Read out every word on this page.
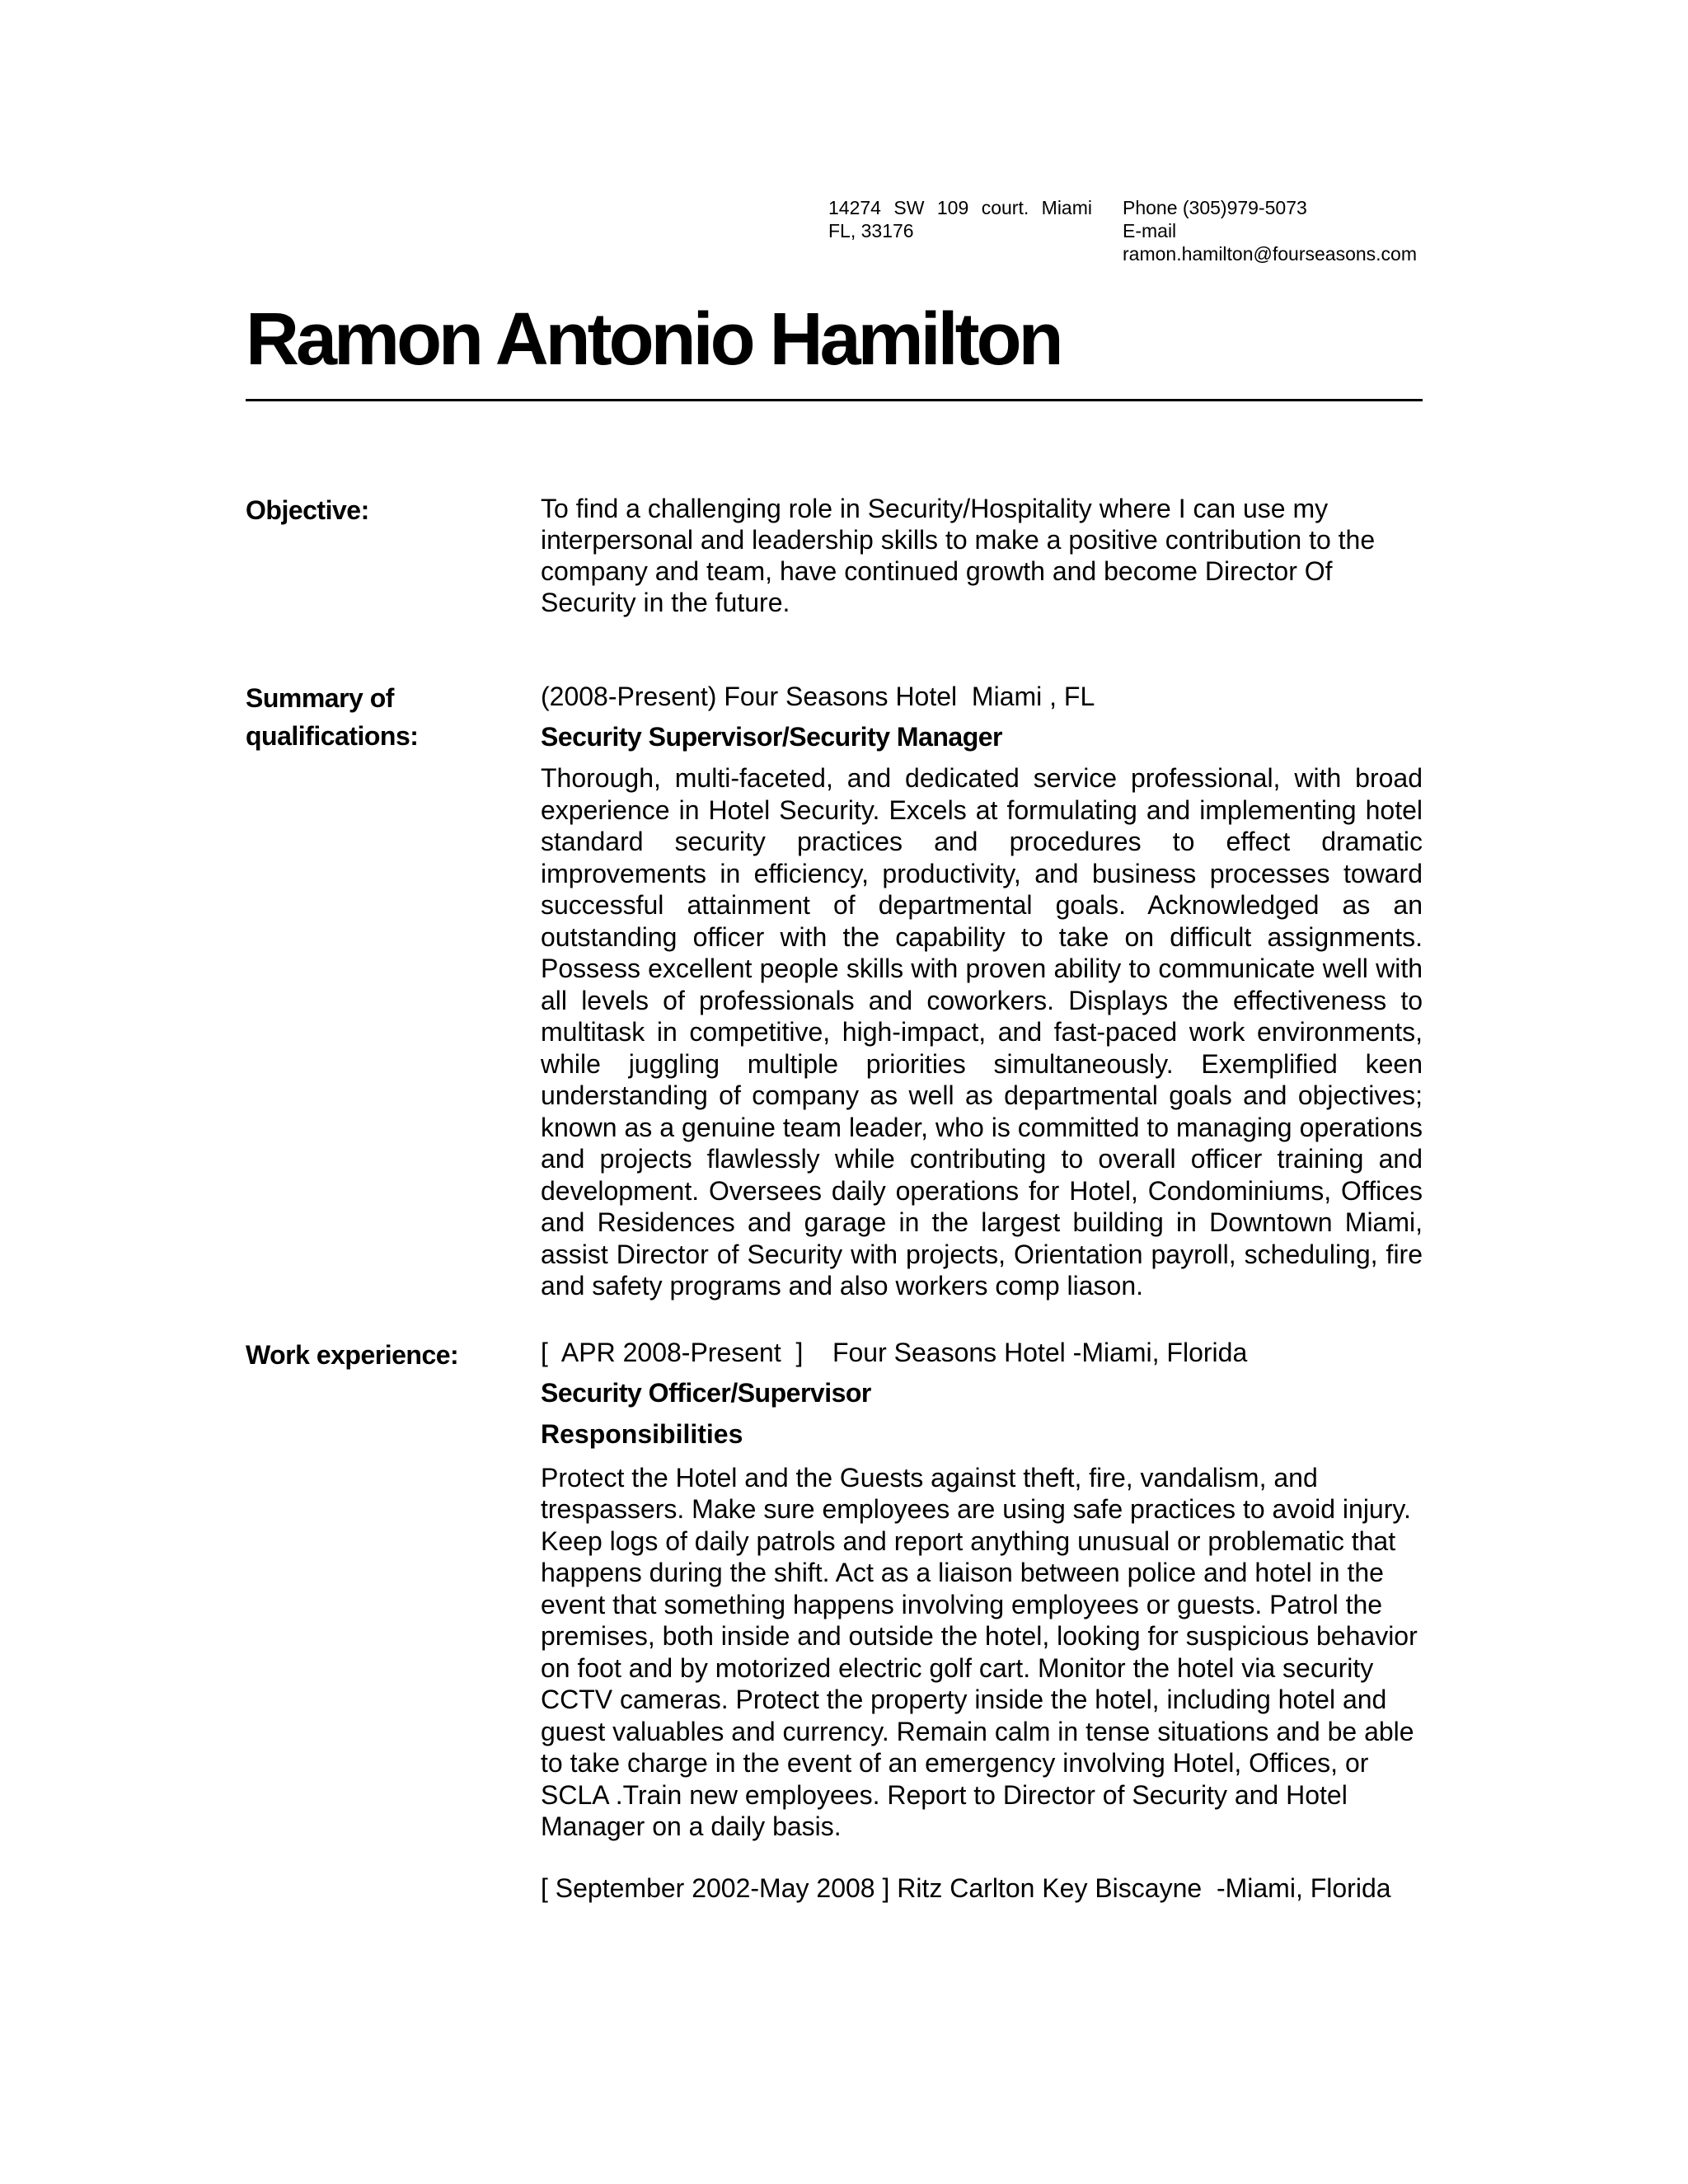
14274 SW 109 court. Miami FL, 33176
Phone (305)979-5073
E-mail
ramon.hamilton@fourseasons.com
Ramon Antonio Hamilton
Objective:	To find a challenging role in Security/Hospitality where I can use my interpersonal and leadership skills to make a positive contribution to the company and team, have continued growth and become Director Of Security in the future.

Summary of
qualifications:

(2008-Present) Four Seasons Hotel  Miami , FL

Security Supervisor/Security Manager

Thorough, multi-faceted, and dedicated service professional, with broad experience in Hotel Security. Excels at formulating and implementing hotel standard security practices and procedures to effect dramatic improvements in efficiency, productivity, and business processes toward successful attainment of departmental goals. Acknowledged as an outstanding officer with the capability to take on difficult assignments. Possess excellent people skills with proven ability to communicate well with all levels of professionals and coworkers. Displays the effectiveness to multitask in competitive, high-impact, and fast-paced work environments, while juggling multiple priorities simultaneously. Exemplified keen understanding of company as well as departmental goals and objectives; known as a genuine team leader, who is committed to managing operations and projects flawlessly while contributing to overall officer training and development. Oversees daily operations for Hotel, Condominiums, Offices and Residences and garage in the largest building in Downtown Miami, assist Director of Security with projects, Orientation payroll, scheduling, fire and safety programs and also workers comp liason.

Work experience:	[  APR 2008-Present  ]    Four Seasons Hotel -Miami, Florida

Security Officer/Supervisor

Responsibilities

Protect the Hotel and the Guests against theft, fire, vandalism, and trespassers. Make sure employees are using safe practices to avoid injury. Keep logs of daily patrols and report anything unusual or problematic that happens during the shift. Act as a liaison between police and hotel in the event that something happens involving employees or guests. Patrol the premises, both inside and outside the hotel, looking for suspicious behavior on foot and by motorized electric golf cart. Monitor the hotel via security CCTV cameras. Protect the property inside the hotel, including hotel and guest valuables and currency. Remain calm in tense situations and be able to take charge in the event of an emergency involving Hotel, Offices, or SCLA .Train new employees. Report to Director of Security and Hotel Manager on a daily basis.

[ September 2002-May 2008 ] Ritz Carlton Key Biscayne  -Miami, Florida
